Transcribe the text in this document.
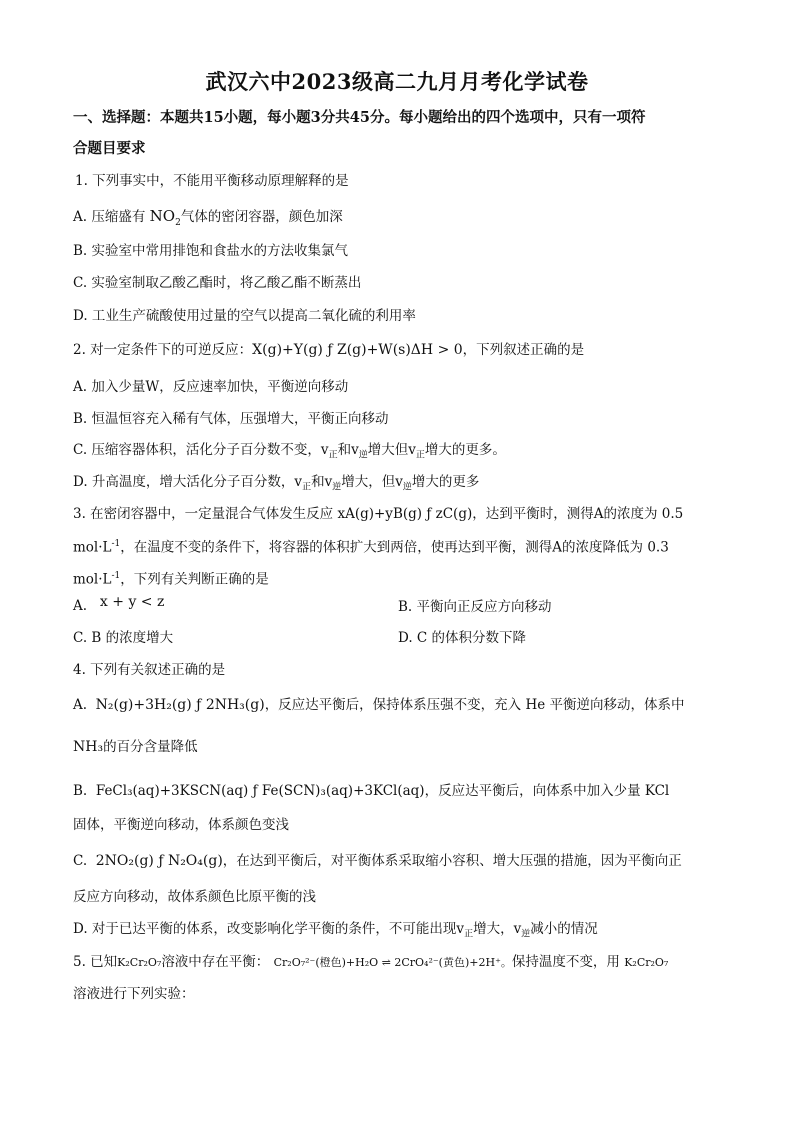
武汉六中2023级高二九月月考化学试卷
一、选择题：本题共15小题，每小题3分共45分。每小题给出的四个选项中，只有一项符
合题目要求
1. 下列事实中，不能用平衡移动原理解释的是
A. 压缩盛有 $NO_2$气体的密闭容器，颜色加深
B. 实验室中常用排饱和食盐水的方法收集氯气
C. 实验室制取乙酸乙酯时，将乙酸乙酯不断蒸出
D. 工业生产硫酸使用过量的空气以提高二氧化硫的利用率
2. 对一定条件下的可逆反应：X(g)+Y(g) ƒ Z(g)+W(s)ΔH > 0，下列叙述正确的是
A. 加入少量W，反应速率加快，平衡逆向移动
B. 恒温恒容充入稀有气体，压强增大，平衡正向移动
C. 压缩容器体积，活化分子百分数不变，$v_正$和$v_逆$增大但$v_正$增大的更多。
D. 升高温度，增大活化分子百分数，$v_正$和$v_逆$增大，但$v_逆$增大的更多
3. 在密闭容器中，一定量混合气体发生反应 xA(g)+yB(g) ƒ zC(g)，达到平衡时，测得A的浓度为 0.5
$mol\cdot L^{-1}$，在温度不变的条件下，将容器的体积扩大到两倍，使再达到平衡，测得A的浓度降低为 0.3
$mol\cdot L^{-1}$，下列有关判断正确的是
A. x + y < z	B. 平衡向正反应方向移动
C. B 的浓度增大	D. C 的体积分数下降
4. 下列有关叙述正确的是
A. N₂(g)+3H₂(g) ƒ 2NH₃(g)，反应达平衡后，保持体系压强不变，充入 He 平衡逆向移动，体系中
NH₃的百分含量降低
B. FeCl₃(aq)+3KSCN(aq) ƒ Fe(SCN)₃(aq)+3KCl(aq)，反应达平衡后，向体系中加入少量 KCl
固体，平衡逆向移动，体系颜色变浅
C. 2NO₂(g) ƒ N₂O₄(g)，在达到平衡后，对平衡体系采取缩小容积、增大压强的措施，因为平衡向正
反应方向移动，故体系颜色比原平衡的浅
D. 对于已达平衡的体系，改变影响化学平衡的条件，不可能出现$v_正$增大，$v_逆$减小的情况
5. 已知K₂Cr₂O₇溶液中存在平衡： Cr₂O₇²⁻(橙色)+H₂O ⇌ 2CrO₄²⁻(黄色)+2H⁺。保持温度不变，用 K₂Cr₂O₇
溶液进行下列实验：
